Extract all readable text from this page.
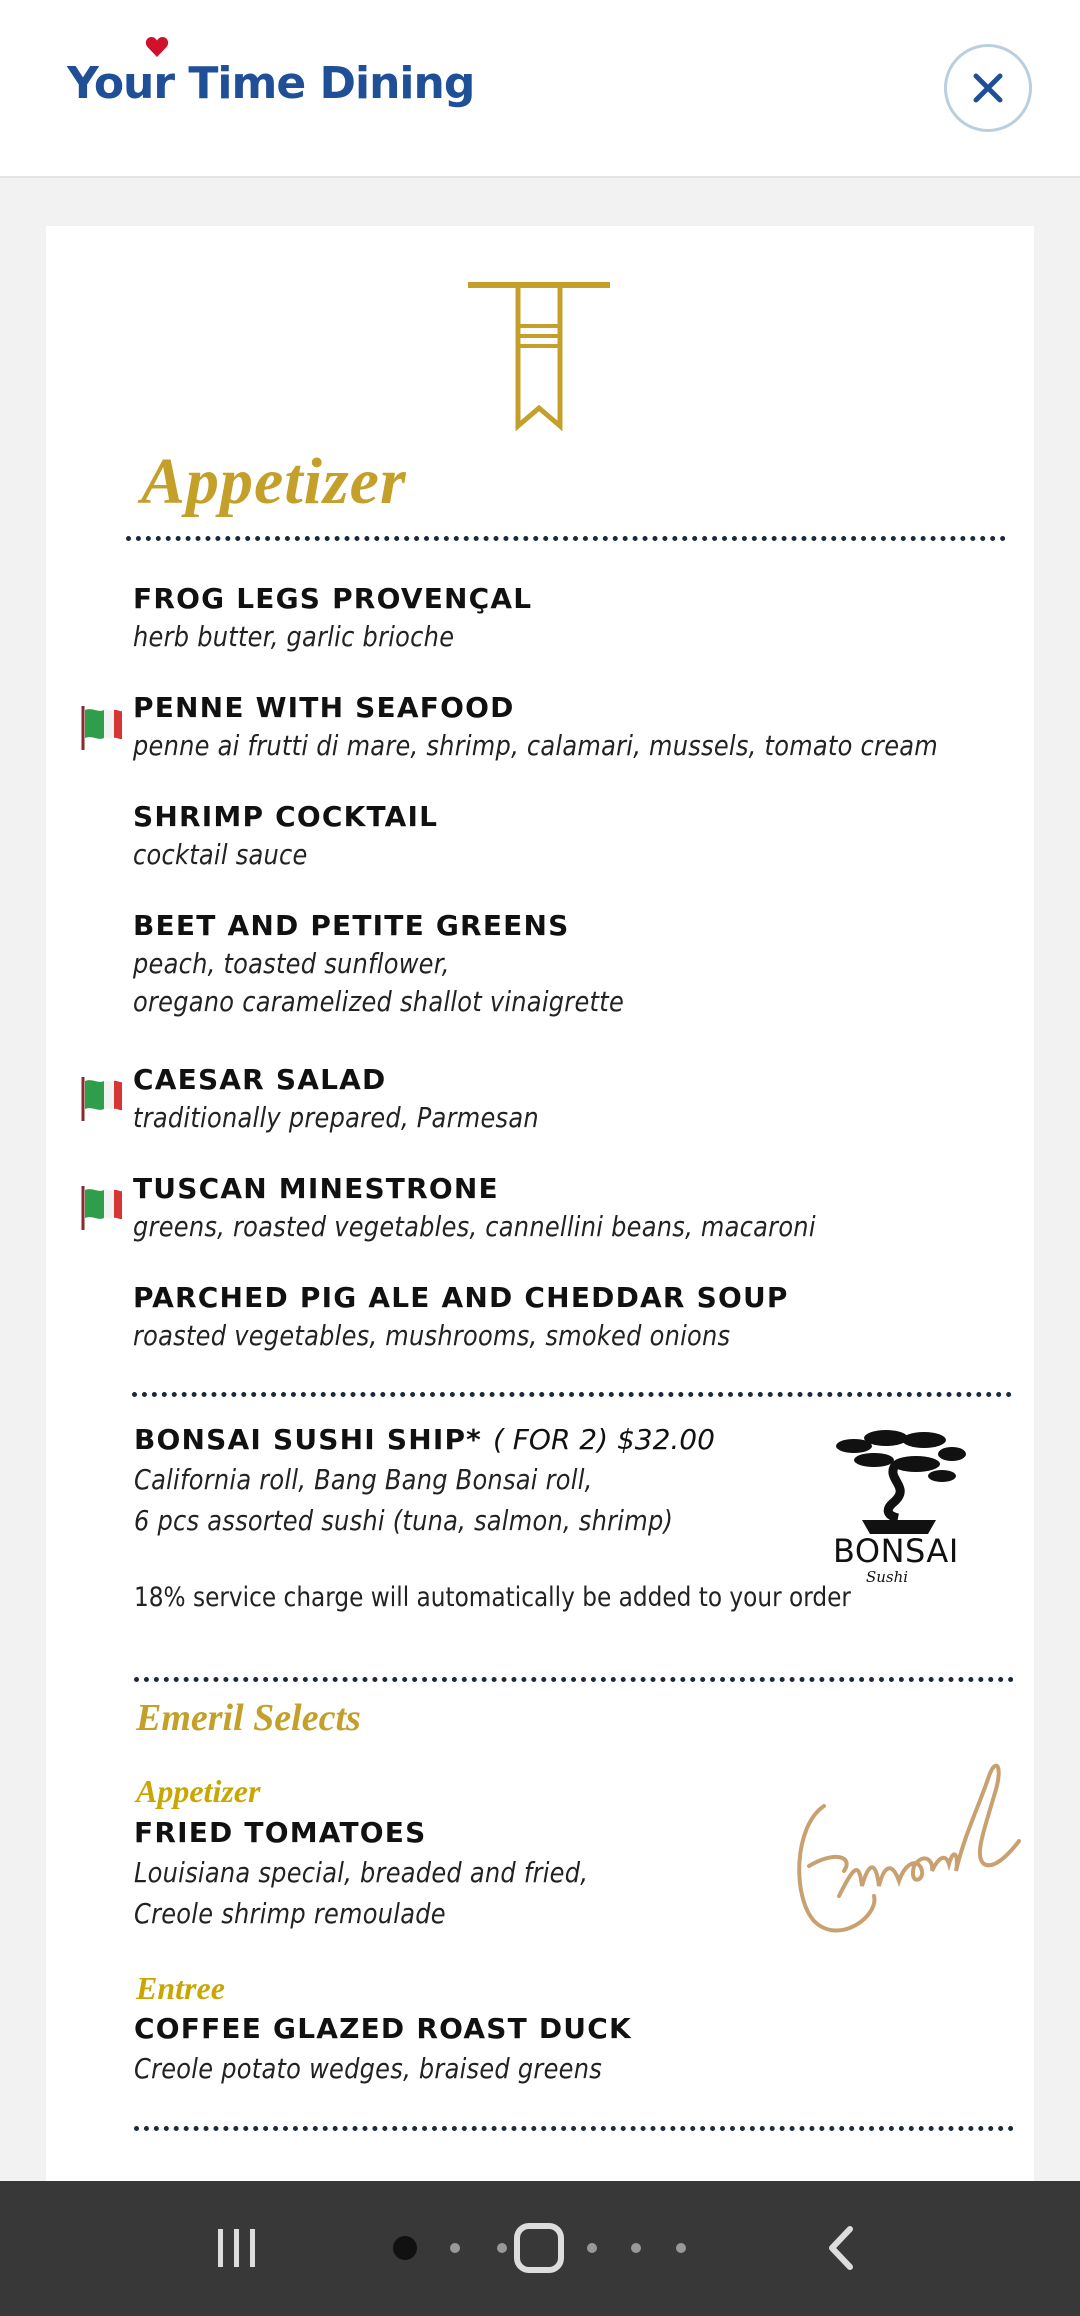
Your Time Dining
Appetizer
FROG LEGS PROVENÇAL
herb butter, garlic brioche
PENNE WITH SEAFOOD
penne ai frutti di mare, shrimp, calamari, mussels, tomato cream
SHRIMP COCKTAIL
cocktail sauce
BEET AND PETITE GREENS
peach, toasted sunflower,
oregano caramelized shallot vinaigrette
CAESAR SALAD
traditionally prepared, Parmesan
TUSCAN MINESTRONE
greens, roasted vegetables, cannellini beans, macaroni
PARCHED PIG ALE AND CHEDDAR SOUP
roasted vegetables, mushrooms, smoked onions
BONSAI SUSHI SHIP* ( FOR 2) $32.00
California roll, Bang Bang Bonsai roll,
6 pcs assorted sushi (tuna, salmon, shrimp)
BONSAI
Sushi
18% service charge will automatically be added to your order
Emeril Selects
Appetizer
FRIED TOMATOES
Louisiana special, breaded and fried,
Creole shrimp remoulade
Entree
COFFEE GLAZED ROAST DUCK
Creole potato wedges, braised greens
